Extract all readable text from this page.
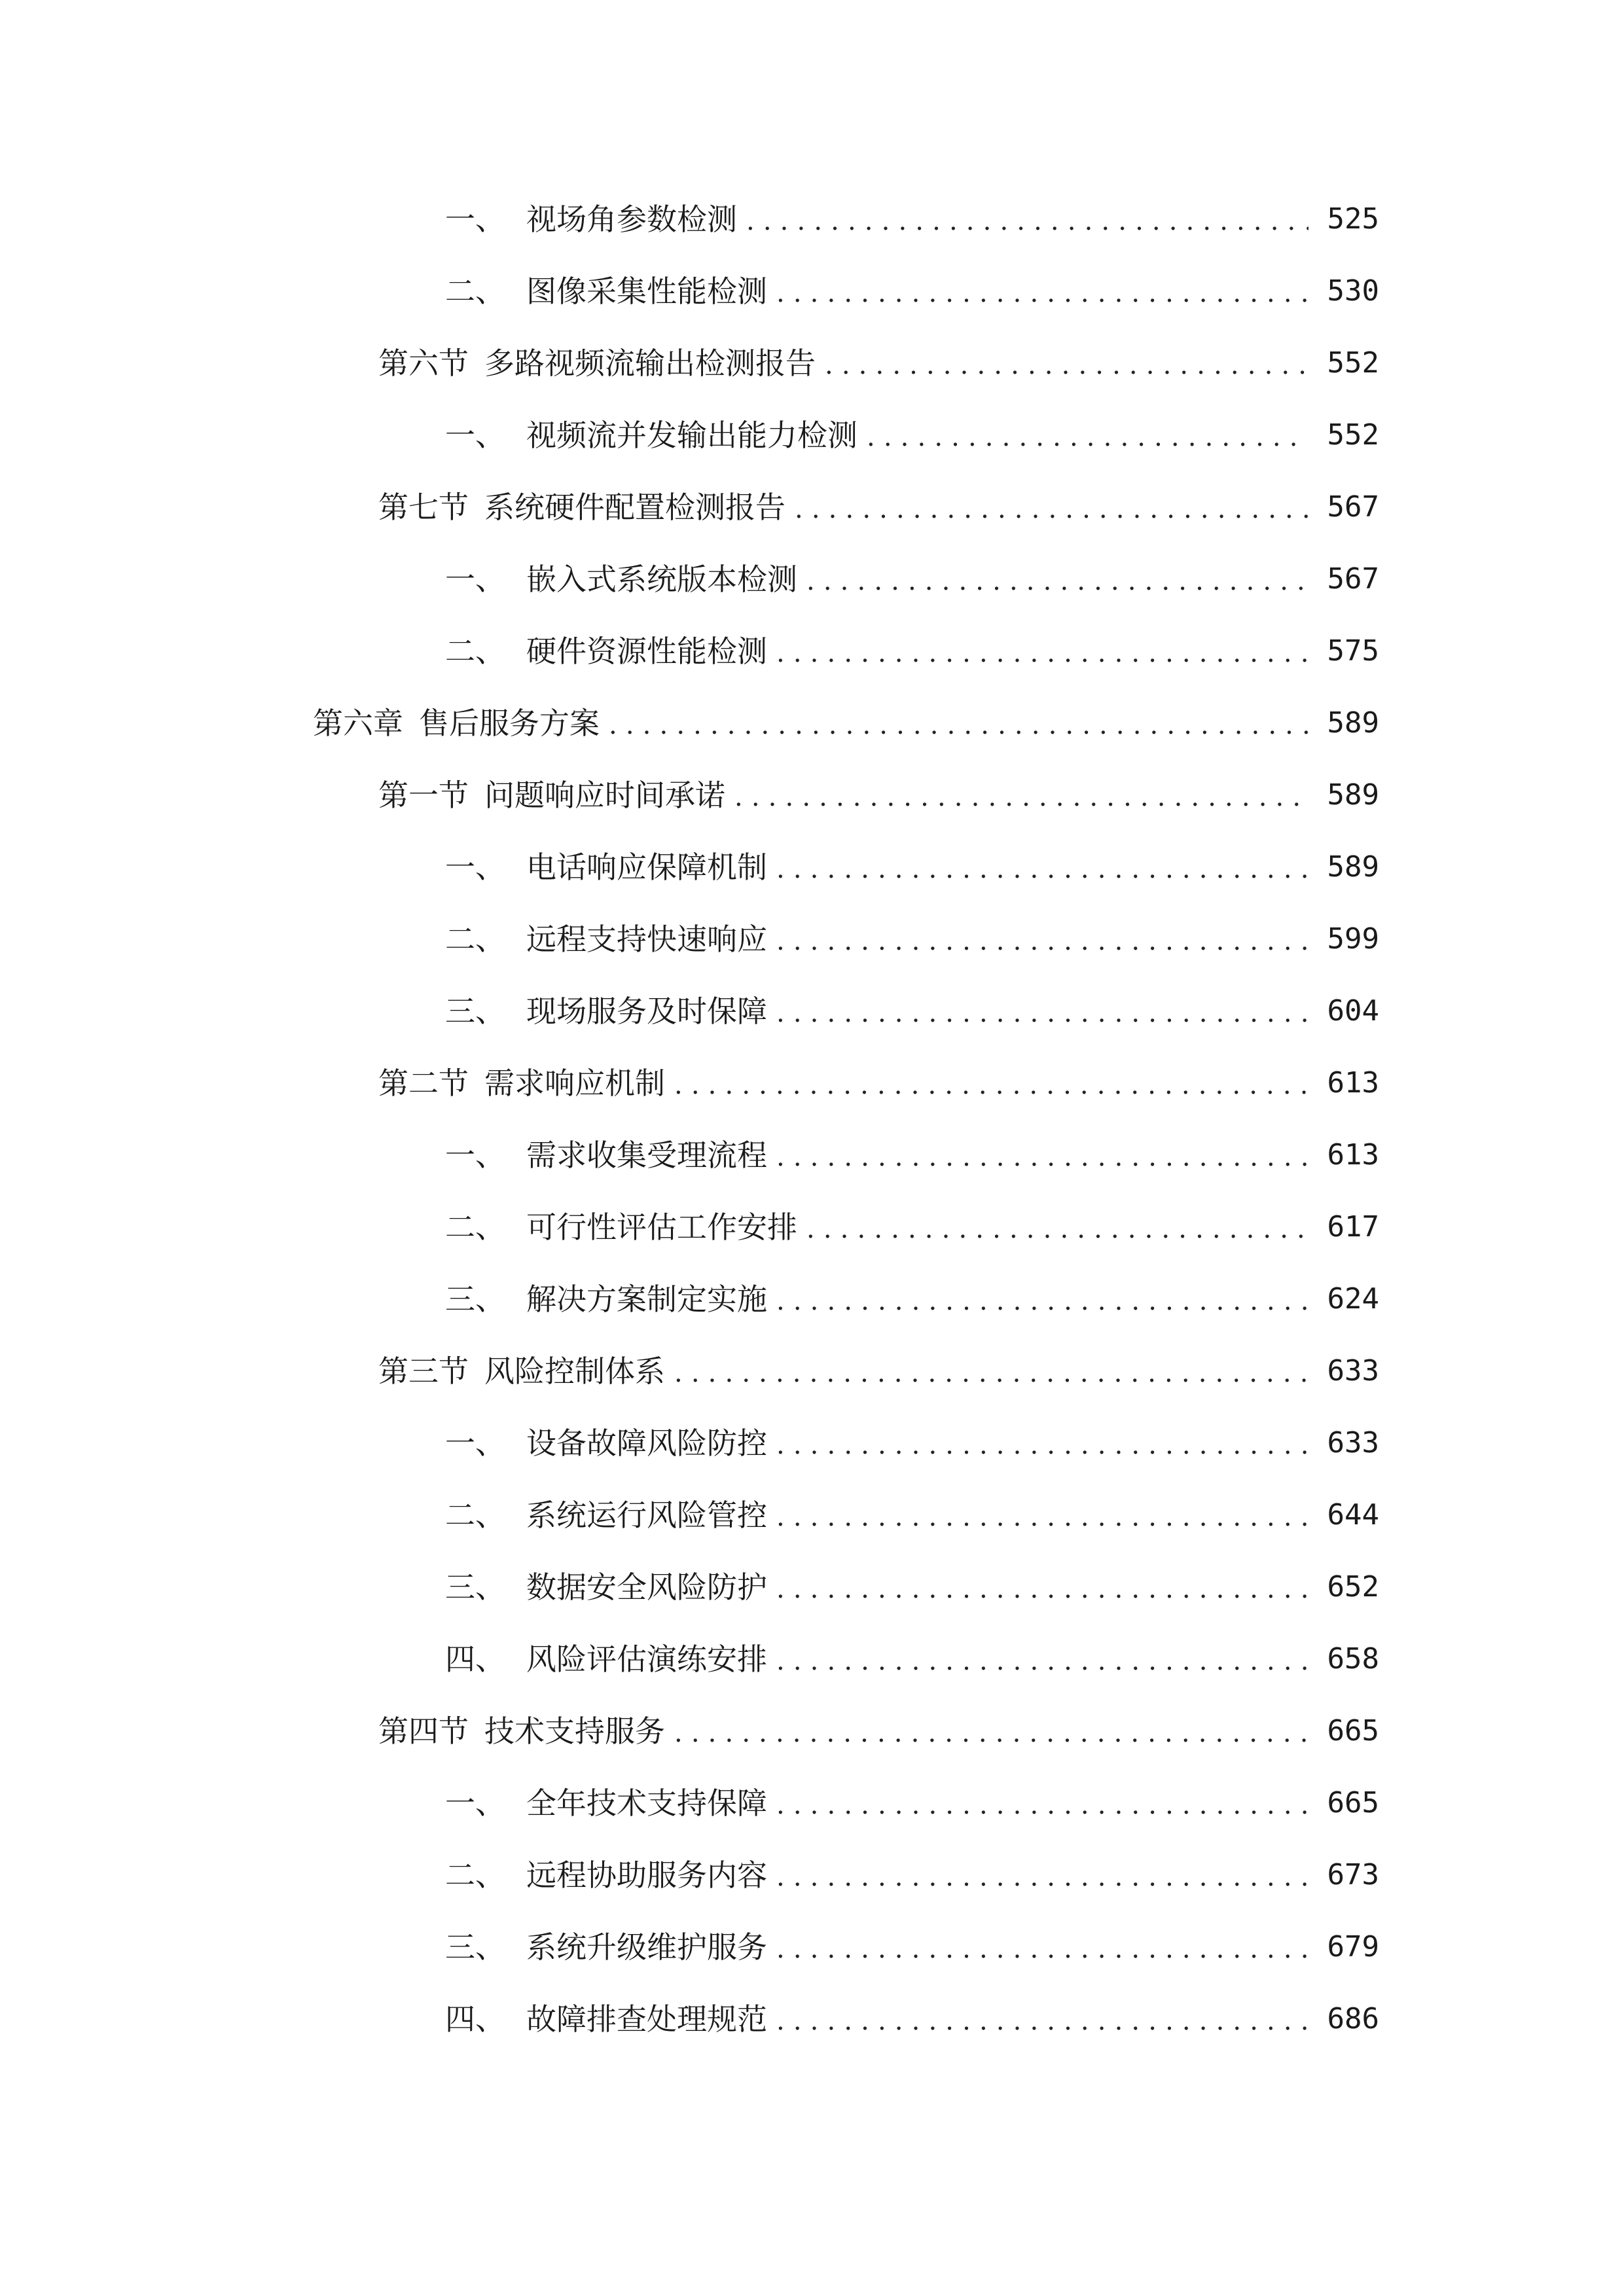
一、 视场角参数检测 . . .	525
二、 图像采集性能检测 . . .	530
第六节 多路视频流输出检测报告 . . .	552
一、 视频流并发输出能力检测 . . .	552
第七节 系统硬件配置检测报告 . . .	567
一、 嵌入式系统版本检测 . . .	567
二、 硬件资源性能检测 . . .	575
第六章 售后服务方案 . . .	589
第一节 问题响应时间承诺 . . .	589
一、 电话响应保障机制 . . .	589
二、 远程支持快速响应 . . .	599
三、 现场服务及时保障 . . .	604
第二节 需求响应机制 . . .	613
一、 需求收集受理流程 . . .	613
二、 可行性评估工作安排 . . .	617
三、 解决方案制定实施 . . .	624
第三节 风险控制体系 . . .	633
一、 设备故障风险防控 . . .	633
二、 系统运行风险管控 . . .	644
三、 数据安全风险防护 . . .	652
四、 风险评估演练安排 . . .	658
第四节 技术支持服务 . . .	665
一、 全年技术支持保障 . . .	665
二、 远程协助服务内容 . . .	673
三、 系统升级维护服务 . . .	679
四、 故障排查处理规范 . . .	686
